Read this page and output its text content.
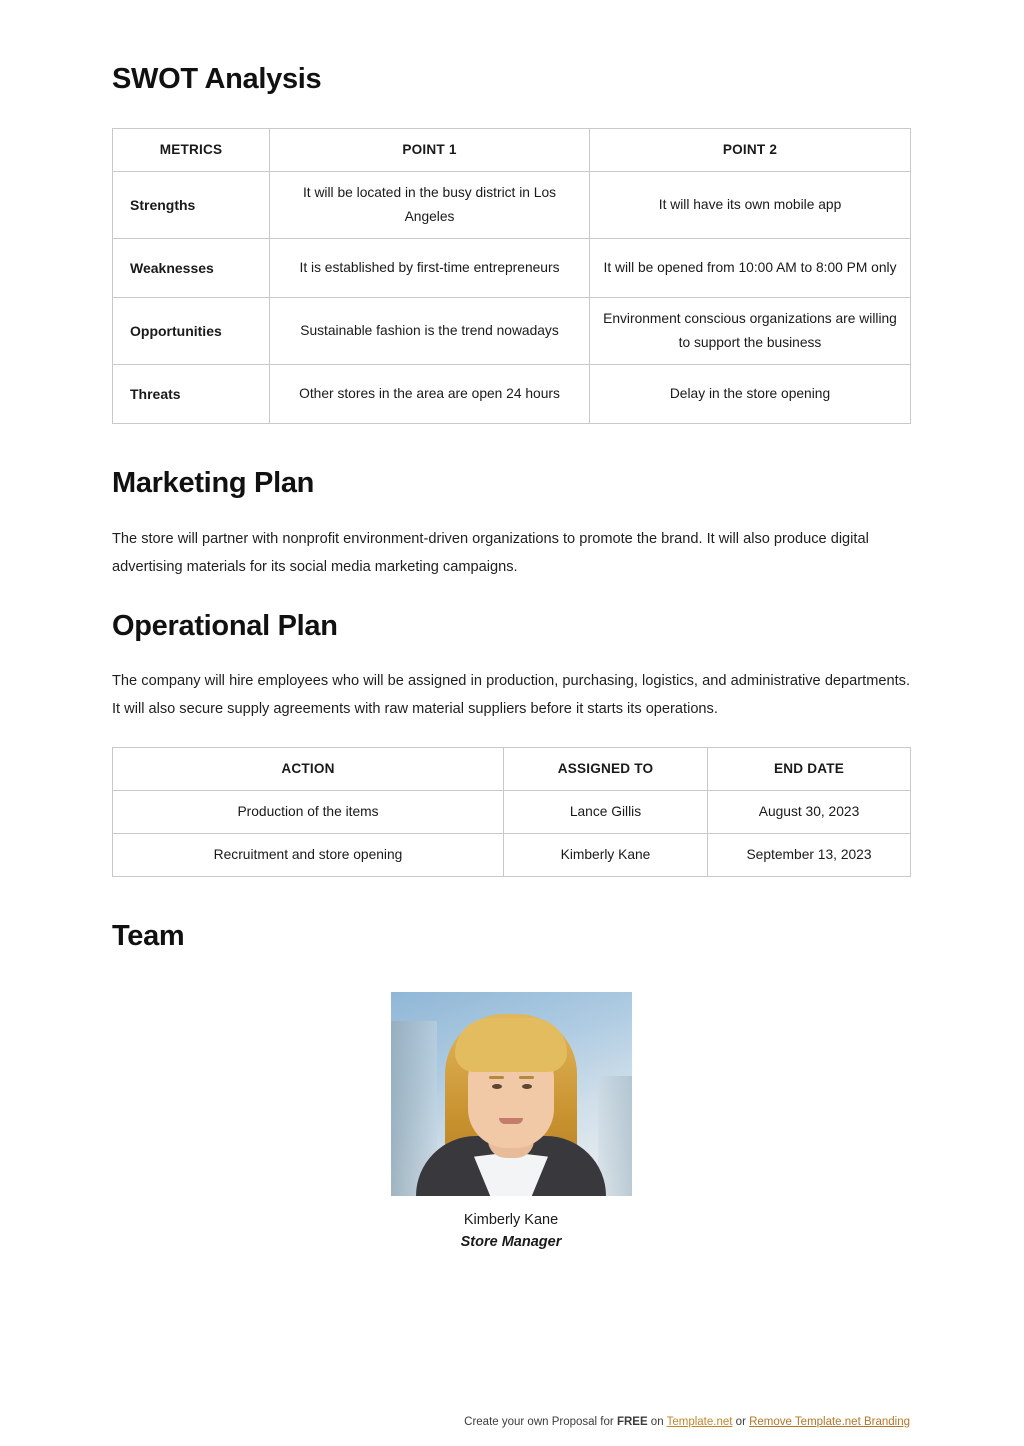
SWOT Analysis
METRICS	POINT 1	POINT 2
Strengths	It will be located in the busy district in Los Angeles	It will have its own mobile app
Weaknesses	It is established by first-time entrepreneurs	It will be opened from 10:00 AM to 8:00 PM only
Opportunities	Sustainable fashion is the trend nowadays	Environment conscious organizations are willing to support the business
Threats	Other stores in the area are open 24 hours	Delay in the store opening
Marketing Plan

The store will partner with nonprofit environment-driven organizations to promote the brand. It will also produce digital advertising materials for its social media marketing campaigns.

Operational Plan

The company will hire employees who will be assigned in production, purchasing, logistics, and administrative departments. It will also secure supply agreements with raw material suppliers before it starts its operations.

ACTION	ASSIGNED TO	END DATE
Production of the items	Lance Gillis	August 30, 2023
Recruitment and store opening	Kimberly Kane	September 13, 2023
Team
Kimberly Kane
Store Manager
Create your own Proposal for FREE on Template.net or Remove Template.net Branding
